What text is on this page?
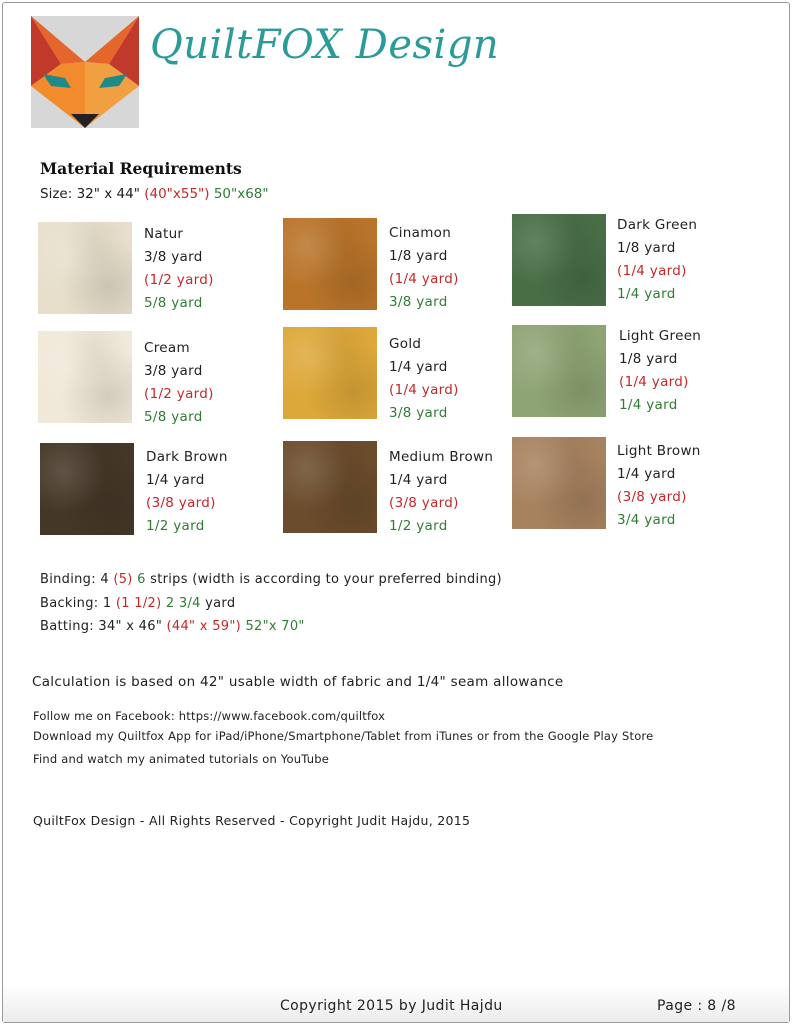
QuiltFOX Design
Material Requirements
Size: 32" x 44" (40"x55") 50"x68"
Natur
3/8 yard
(1/2 yard)
5/8 yard
Cream
3/8 yard
(1/2 yard)
5/8 yard
Dark Brown
1/4 yard
(3/8 yard)
1/2 yard
Cinamon
1/8 yard
(1/4 yard)
3/8 yard
Gold
1/4 yard
(1/4 yard)
3/8 yard
Medium Brown
1/4 yard
(3/8 yard)
1/2 yard
Dark Green
1/8 yard
(1/4 yard)
1/4 yard
Light Green
1/8 yard
(1/4 yard)
1/4 yard
Light Brown
1/4 yard
(3/8 yard)
3/4 yard
Binding: 4 (5) 6 strips (width is according to your preferred binding)
Backing: 1 (1 1/2) 2 3/4 yard
Batting: 34" x 46" (44" x 59") 52"x 70"
Calculation is based on 42" usable width of fabric and 1/4" seam allowance
Follow me on Facebook: https://www.facebook.com/quiltfox
Download my Quiltfox App for iPad/iPhone/Smartphone/Tablet from iTunes or from the Google Play Store
Find and watch my animated tutorials on YouTube
QuiltFox Design - All Rights Reserved - Copyright Judit Hajdu, 2015
Copyright 2015 by Judit Hajdu	Page : 8 /8
